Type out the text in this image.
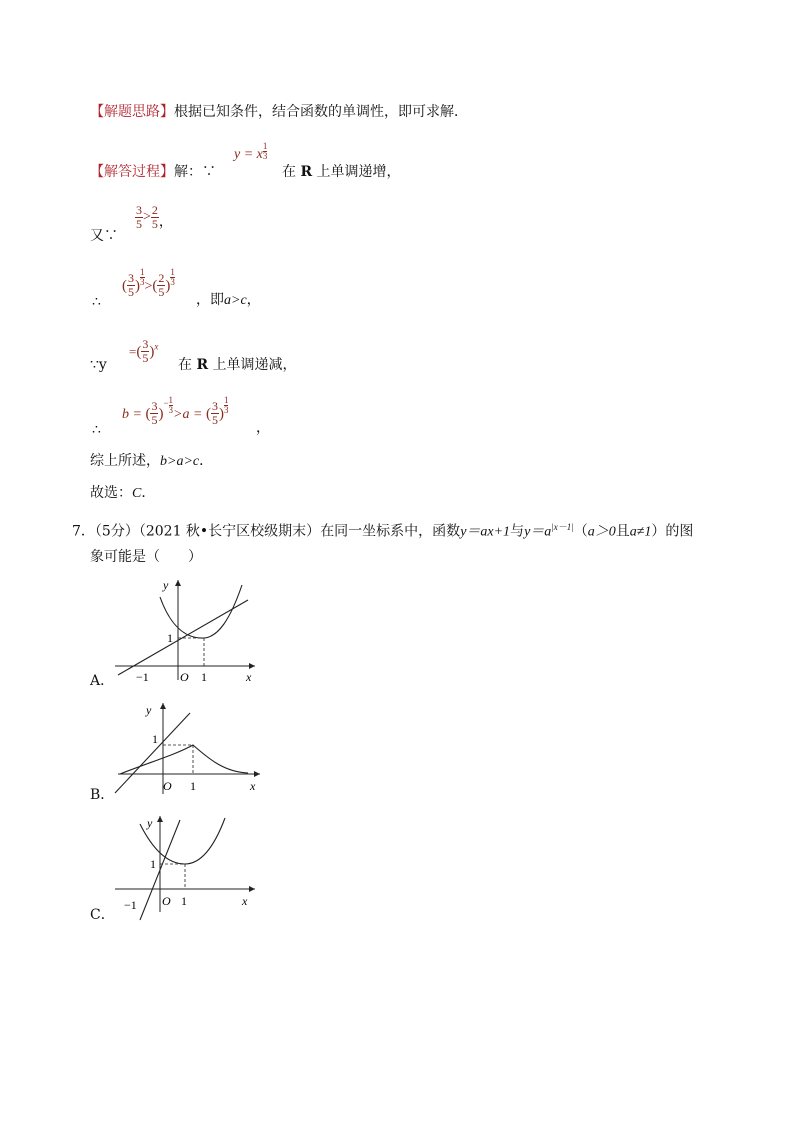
【解题思路】根据已知条件，结合函数的单调性，即可求解．
【解答过程】解：∵
y = x $\frac{1}{3}$
在 R 上单调递增，
又∵
$\frac{3}{5} > \frac{2}{5}$ ，
∴
( $\frac{3}{5}$ ) $\frac{1}{3}>( \frac{2}{5}$ ) $\frac{1}{3}$
，即a>c，
∵y
=( $\frac{3}{5} )^x$
在 R 上单调递减，
∴
b = ( $\frac{3}{5}$ )− $\frac{1}{3}>a$ = ( $\frac{3}{5}$ ) $\frac{1}{3}$
，
综上所述，b>a>c．
故选：C．
7．（5分）（2021 秋•长宁区校级期末）在同一坐标系中，函数y＝ax+1与$y=a^{|x-1|}(a>0$且a≠1）的图
象可能是（　　）
A．
y
x
O 1
1
−1
B．
y
x
O 1
1
C．
y
x
O 1
1
−1
